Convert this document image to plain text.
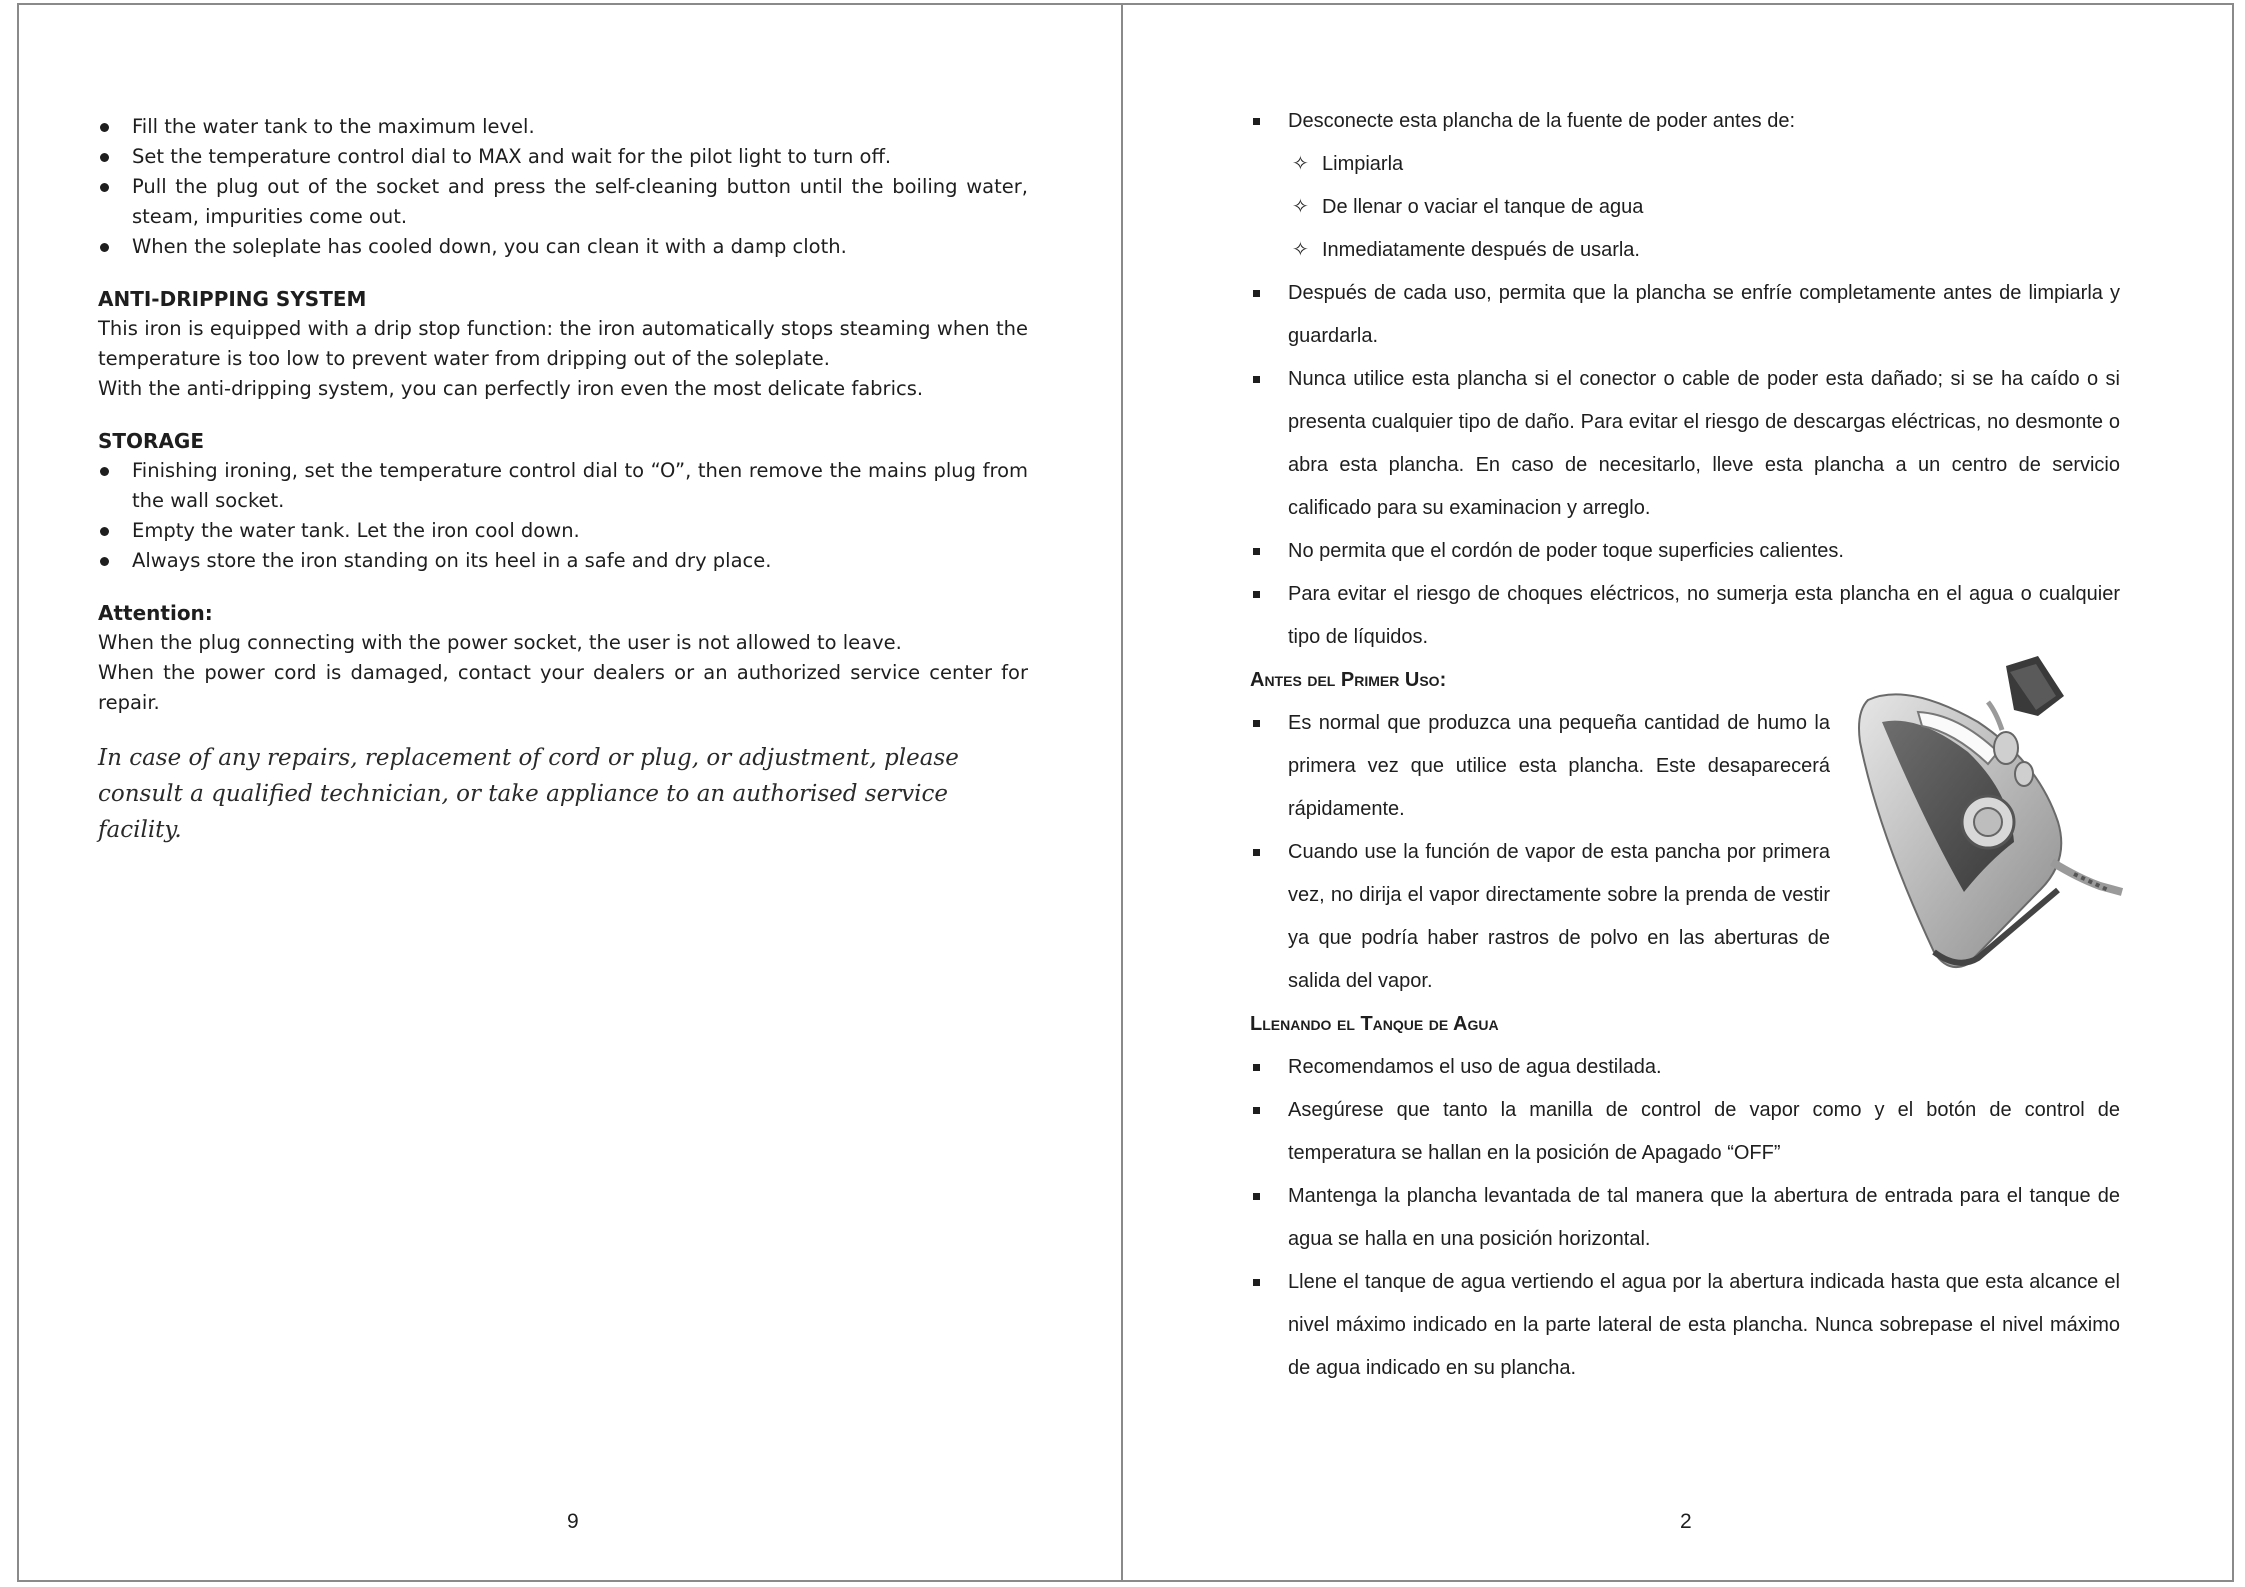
Fill the water tank to the maximum level.
Set the temperature control dial to MAX and wait for the pilot light to turn off.
Pull the plug out of the socket and press the self-cleaning button until the boiling water, steam, impurities come out.
When the soleplate has cooled down, you can clean it with a damp cloth.
ANTI-DRIPPING SYSTEM

This iron is equipped with a drip stop function: the iron automatically stops steaming when the temperature is too low to prevent water from dripping out of the soleplate.

With the anti-dripping system, you can perfectly iron even the most delicate fabrics.

STORAGE
Finishing ironing, set the temperature control dial to “O”, then remove the mains plug from the wall socket.
Empty the water tank. Let the iron cool down.
Always store the iron standing on its heel in a safe and dry place.
Attention:

When the plug connecting with the power socket, the user is not allowed to leave.

When the power cord is damaged, contact your dealers or an authorized service center for repair.

In case of any repairs, replacement of cord or plug, or adjustment, please consult a qualified technician, or take appliance to an authorised service facility.
9
Desconecte esta plancha de la fuente de poder antes de:
✧ Limpiarla
✧ De llenar o vaciar el tanque de agua
✧ Inmediatamente después de usarla.
Después de cada uso, permita que la plancha se enfríe completamente antes de limpiarla y guardarla.
Nunca utilice esta plancha si el conector o cable de poder esta dañado; si se ha caído o si presenta cualquier tipo de daño. Para evitar el riesgo de descargas eléctricas, no desmonte o abra esta plancha. En caso de necesitarlo, lleve esta plancha a un centro de servicio calificado para su examinacion y arreglo.
No permita que el cordón de poder toque superficies calientes.
Para evitar el riesgo de choques eléctricos, no sumerja esta plancha en el agua o cualquier tipo de líquidos.
Antes del Primer Uso:
Es normal que produzca una pequeña cantidad de humo la primera vez que utilice esta plancha. Este desaparecerá rápidamente.
Cuando use la función de vapor de esta pancha por primera vez, no dirija el vapor directamente sobre la prenda de vestir ya que podría haber rastros de polvo en las aberturas de salida del vapor.
Llenando el Tanque de Agua
Recomendamos el uso de agua destilada.
Asegúrese que tanto la manilla de control de vapor como y el botón de control de temperatura se hallan en la posición de Apagado “OFF”
Mantenga la plancha levantada de tal manera que la abertura de entrada para el tanque de agua se halla en una posición horizontal.
Llene el tanque de agua vertiendo el agua por la abertura indicada hasta que esta alcance el nivel máximo indicado en la parte lateral de esta plancha. Nunca sobrepase el nivel máximo de agua indicado en su plancha.
2
